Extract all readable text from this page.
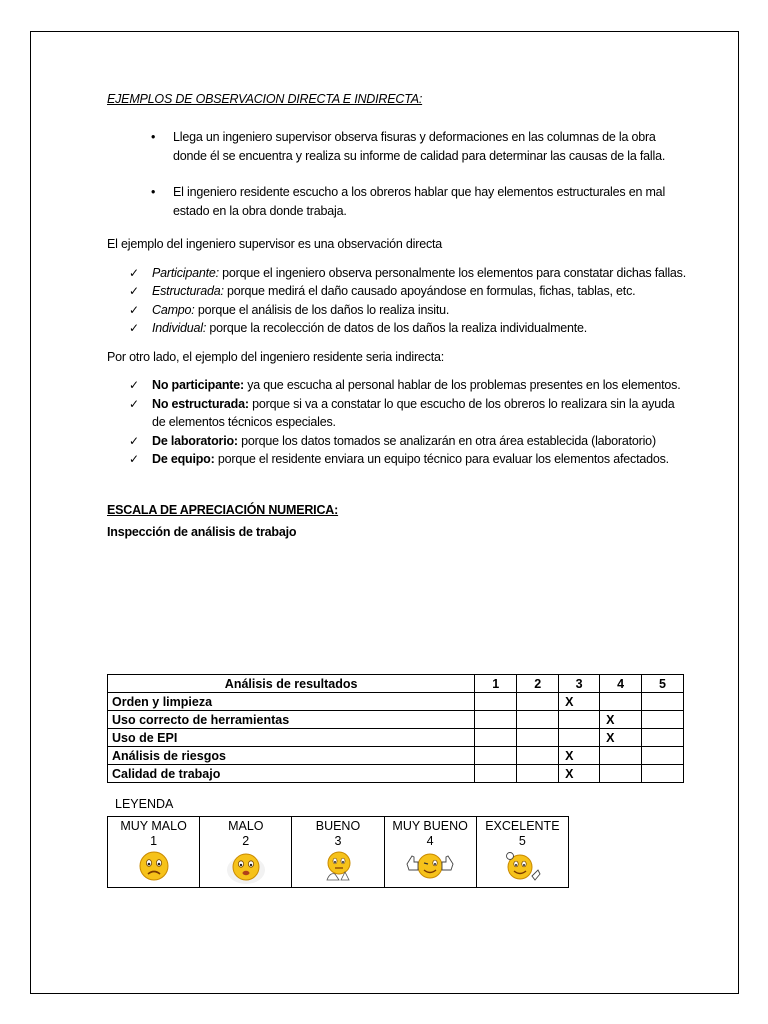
EJEMPLOS DE OBSERVACION DIRECTA E INDIRECTA:

• Llega un ingeniero supervisor observa fisuras y deformaciones en las columnas de la obra donde él se encuentra y realiza su informe de calidad para determinar las causas de la falla.
• El ingeniero residente escucho a los obreros hablar que hay elementos estructurales en mal estado en la obra donde trabaja.

El ejemplo del ingeniero supervisor es una observación directa

✓ Participante: porque el ingeniero observa personalmente los elementos para constatar dichas fallas.
✓ Estructurada: porque medirá el daño causado apoyándose en formulas, fichas, tablas, etc.
✓ Campo: porque el análisis de los daños lo realiza insitu.
✓ Individual: porque la recolección de datos de los daños la realiza individualmente.

Por otro lado, el ejemplo del ingeniero residente seria indirecta:

✓ No participante: ya que escucha al personal hablar de los problemas presentes en los elementos.
✓ No estructurada: porque si va a constatar lo que escucho de los obreros lo realizara sin la ayuda de elementos técnicos especiales.
✓ De laboratorio: porque los datos tomados se analizarán en otra área establecida (laboratorio)
✓ De equipo: porque el residente enviara un equipo técnico para evaluar los elementos afectados.

ESCALA DE APRECIACIÓN NUMERICA:

Inspección de análisis de trabajo

Análisis de resultados	1	2	3	4	5
Orden y limpieza			X		
Uso correcto de herramientas				X	
Uso de EPI				X	
Análisis de riesgos			X		
Calidad de trabajo			X		
LEYENDA
MUY MALO
1

MALO
2

BUENO
3

MUY BUENO
4

EXCELENTE
5
